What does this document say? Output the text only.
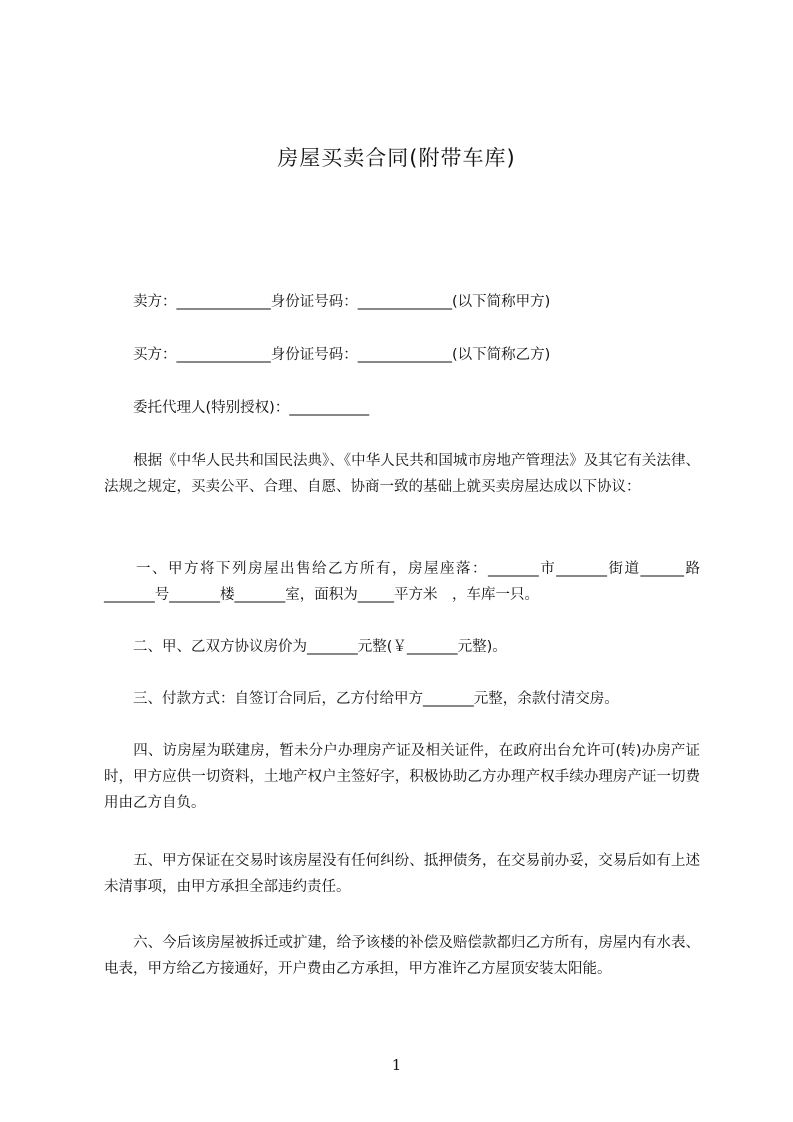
房屋买卖合同(附带车库)
　　卖方：_____________身份证号码：_____________(以下简称甲方)
　　买方：_____________身份证号码：_____________(以下简称乙方)
　　委托代理人(特别授权)：___________
　　根据《中华人民共和国民法典》、《中华人民共和国城市房地产管理法》及其它有关法律、法规之规定，买卖公平、合理、自愿、协商一致的基础上就买卖房屋达成以下协议：
　　一、甲方将下列房屋出售给乙方所有，房屋座落：_______市_______街道______路_______号_______楼_______室，面积为_____平方米　，车库一只。
　　二、甲、乙双方协议房价为_______元整(￥_______元整)。
　　三、付款方式：自签订合同后，乙方付给甲方_______元整，余款付清交房。
　　四、访房屋为联建房，暂未分户办理房产证及相关证件，在政府出台允许可(转)办房产证时，甲方应供一切资料，土地产权户主签好字，积极协助乙方办理产权手续办理房产证一切费用由乙方自负。
　　五、甲方保证在交易时该房屋没有任何纠纷、抵押债务，在交易前办妥，交易后如有上述未清事项，由甲方承担全部违约责任。
　　六、今后该房屋被拆迁或扩建，给予该楼的补偿及赔偿款都归乙方所有，房屋内有水表、电表，甲方给乙方接通好，开户费由乙方承担，甲方准许乙方屋顶安装太阳能。
1
